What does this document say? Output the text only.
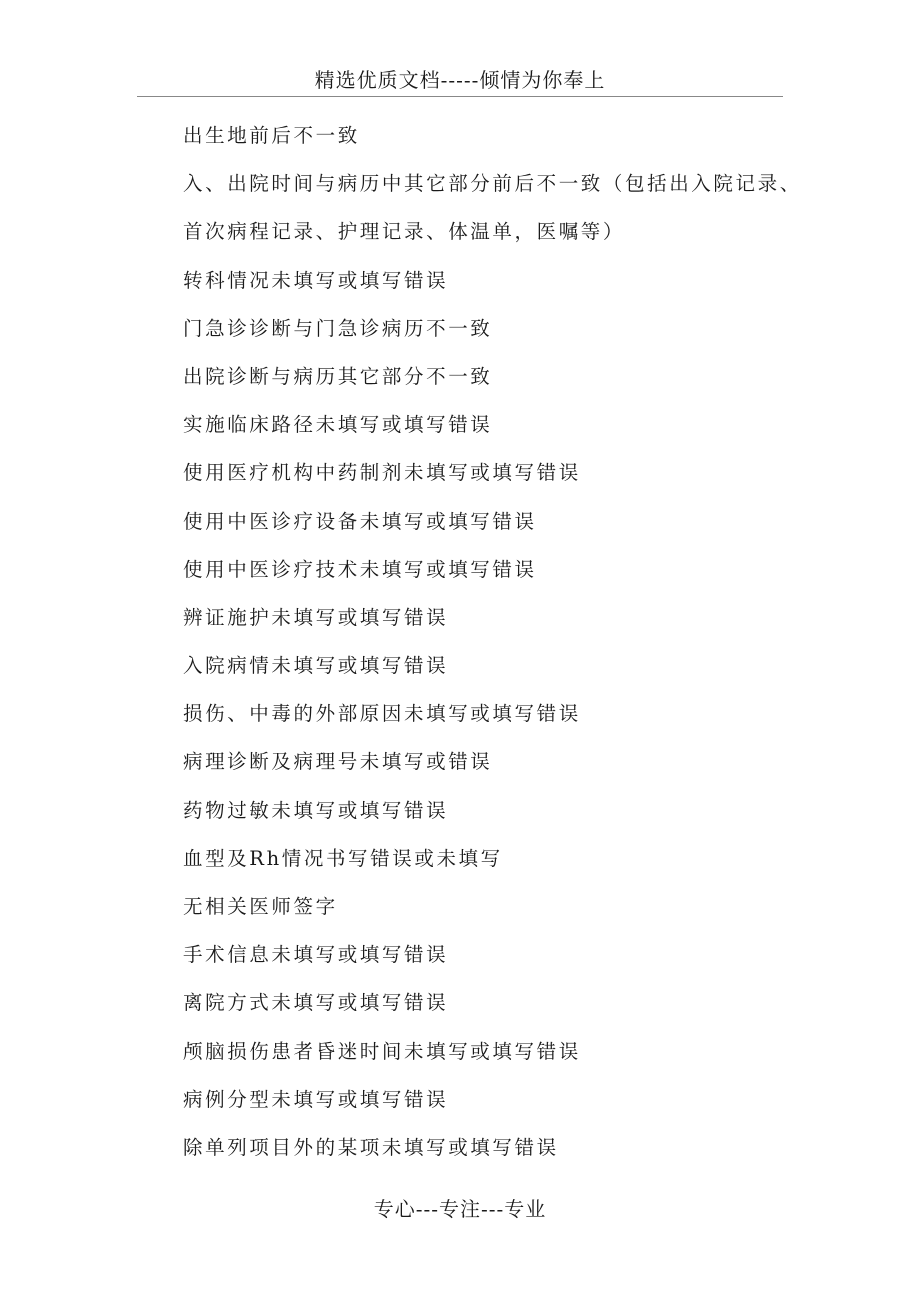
精选优质文档-----倾情为你奉上
出生地前后不一致
入、出院时间与病历中其它部分前后不一致（包括出入院记录、
首次病程记录、护理记录、体温单，医嘱等）
转科情况未填写或填写错误
门急诊诊断与门急诊病历不一致
出院诊断与病历其它部分不一致
实施临床路径未填写或填写错误
使用医疗机构中药制剂未填写或填写错误
使用中医诊疗设备未填写或填写错误
使用中医诊疗技术未填写或填写错误
辨证施护未填写或填写错误
入院病情未填写或填写错误
损伤、中毒的外部原因未填写或填写错误
病理诊断及病理号未填写或错误
药物过敏未填写或填写错误
血型及Rh情况书写错误或未填写
无相关医师签字
手术信息未填写或填写错误
离院方式未填写或填写错误
颅脑损伤患者昏迷时间未填写或填写错误
病例分型未填写或填写错误
除单列项目外的某项未填写或填写错误
专心---专注---专业
